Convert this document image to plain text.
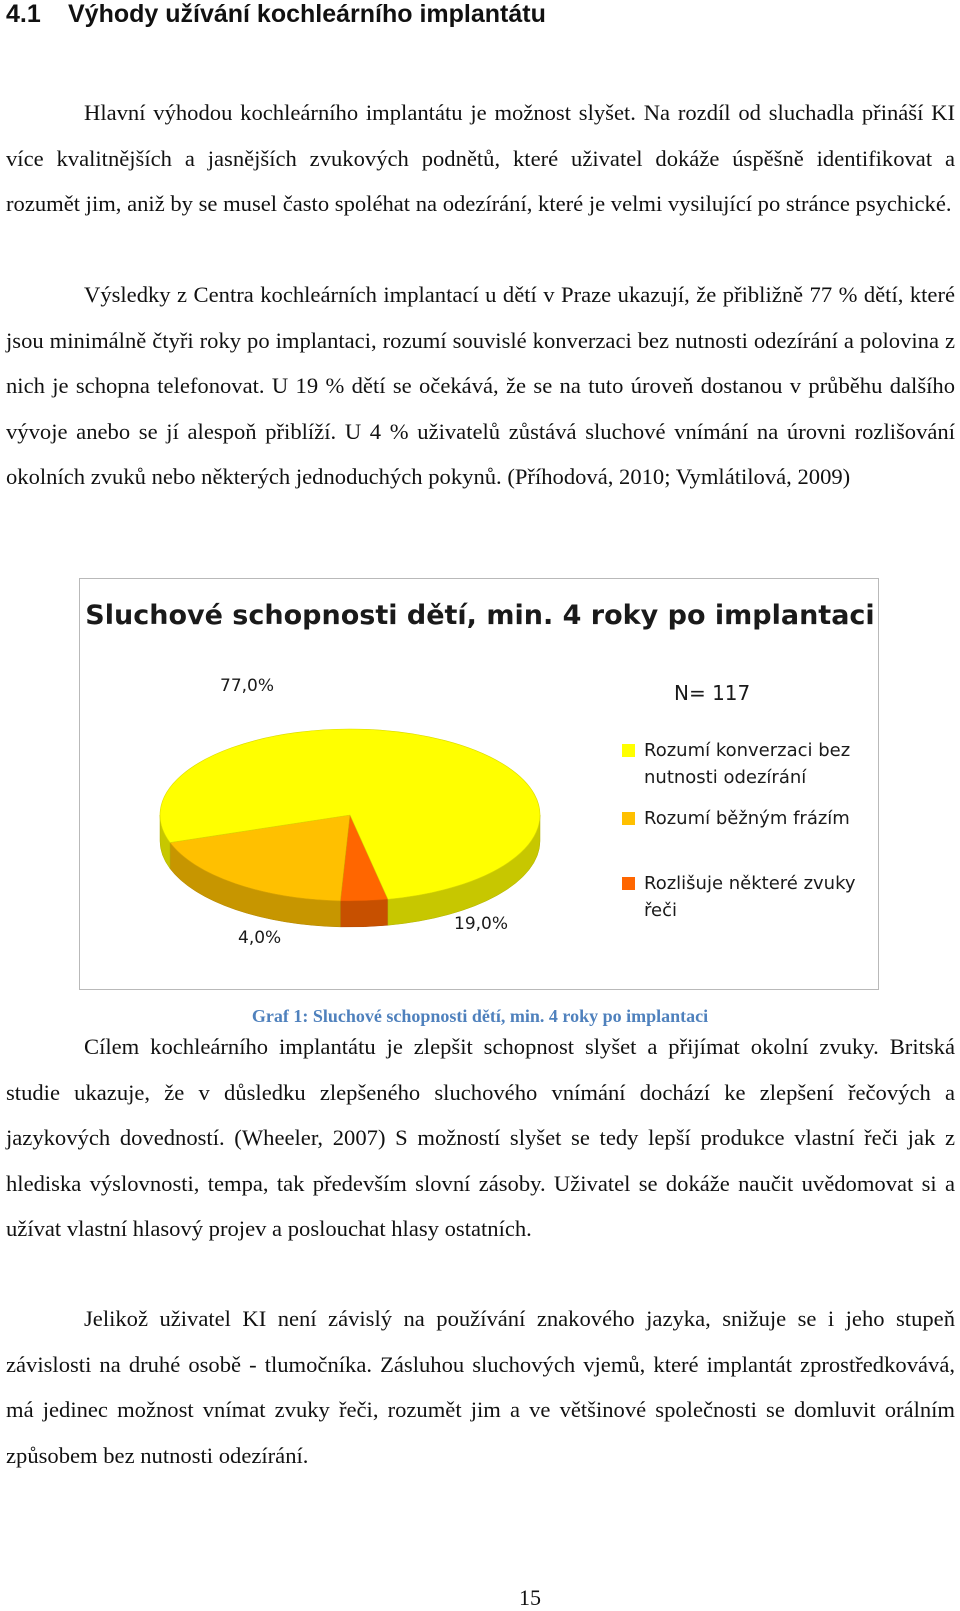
4.1 Výhody užívání kochleárního implantátu

Hlavní výhodou kochleárního implantátu je možnost slyšet. Na rozdíl od sluchadla přináší KI více kvalitnějších a jasnějších zvukových podnětů, které uživatel dokáže úspěšně identifikovat a rozumět jim, aniž by se musel často spoléhat na odezírání, které je velmi vysilující po stránce psychické.

Výsledky z Centra kochleárních implantací u dětí v Praze ukazují, že přibližně 77 % dětí, které jsou minimálně čtyři roky po implantaci, rozumí souvislé konverzaci bez nutnosti odezírání a polovina z nich je schopna telefonovat. U 19 % dětí se očekává, že se na tuto úroveň dostanou v průběhu dalšího vývoje anebo se jí alespoň přiblíží. U 4 % uživatelů zůstává sluchové vnímání na úrovni rozlišování okolních zvuků nebo některých jednoduchých pokynů. (Příhodová, 2010; Vymlátilová, 2009)

77,0%
19,0%
4,0%
Sluchové schopnosti dětí, min. 4 roky po implantaci
N= 117
Rozumí konverzaci bez nutnosti odezírání
Rozumí běžným frázím
Rozlišuje některé zvuky řeči
Graf 1: Sluchové schopnosti dětí, min. 4 roky po implantaci

Cílem kochleárního implantátu je zlepšit schopnost slyšet a přijímat okolní zvuky. Britská studie ukazuje, že v důsledku zlepšeného sluchového vnímání dochází ke zlepšení řečových a jazykových dovedností. (Wheeler, 2007) S možností slyšet se tedy lepší produkce vlastní řeči jak z hlediska výslovnosti, tempa, tak především slovní zásoby. Uživatel se dokáže naučit uvědomovat si a užívat vlastní hlasový projev a poslouchat hlasy ostatních.

Jelikož uživatel KI není závislý na používání znakového jazyka, snižuje se i jeho stupeň závislosti na druhé osobě - tlumočníka. Zásluhou sluchových vjemů, které implantát zprostředkovává, má jedinec možnost vnímat zvuky řeči, rozumět jim a ve většinové společnosti se domluvit orálním způsobem bez nutnosti odezírání.

15
